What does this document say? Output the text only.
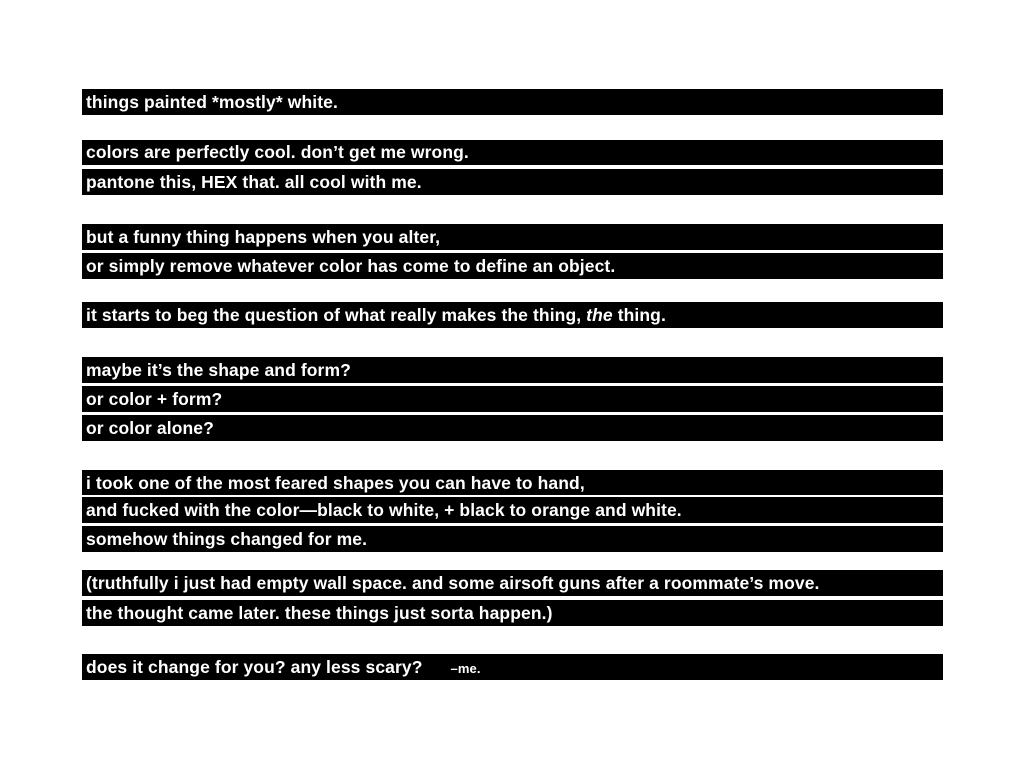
things painted *mostly* white.
colors are perfectly cool. don’t get me wrong.
pantone this, HEX that. all cool with me.
but a funny thing happens when you alter,
or simply remove whatever color has come to define an object.
it starts to beg the question of what really makes the thing, the thing.
maybe it’s the shape and form?
or color + form?
or color alone?
i took one of the most feared shapes you can have to hand,
and fucked with the color—black to white, + black to orange and white.
somehow things changed for me.
(truthfully i just had empty wall space. and some airsoft guns after a roommate’s move.
the thought came later. these things just sorta happen.)
does it change for you? any less scary? –me.
